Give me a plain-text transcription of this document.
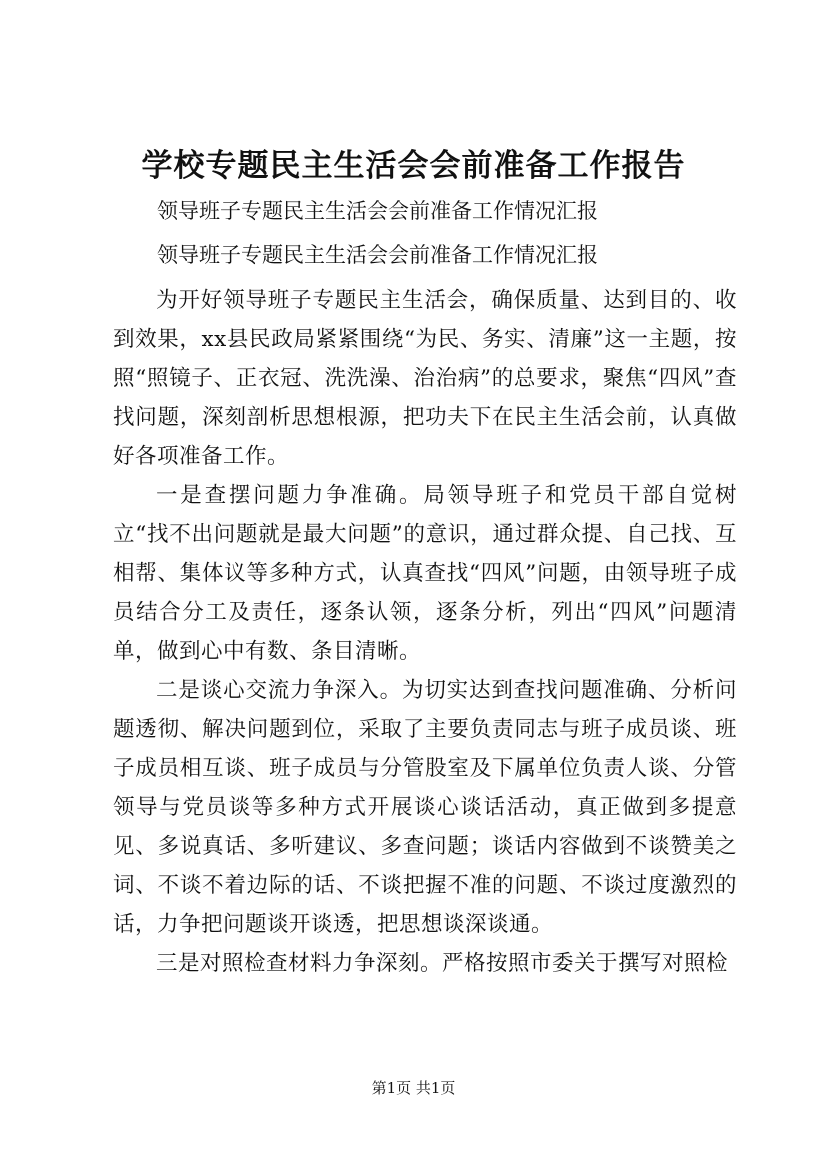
学校专题民主生活会会前准备工作报告
领导班子专题民主生活会会前准备工作情况汇报
领导班子专题民主生活会会前准备工作情况汇报

为开好领导班子专题民主生活会，确保质量、达到目的、收到效果，xx县民政局紧紧围绕“为民、务实、清廉”这一主题，按照“照镜子、正衣冠、洗洗澡、治治病”的总要求，聚焦“四风”查找问题，深刻剖析思想根源，把功夫下在民主生活会前，认真做好各项准备工作。

一是查摆问题力争准确。局领导班子和党员干部自觉树立“找不出问题就是最大问题”的意识，通过群众提、自己找、互相帮、集体议等多种方式，认真查找“四风”问题，由领导班子成员结合分工及责任，逐条认领，逐条分析，列出“四风”问题清单，做到心中有数、条目清晰。

二是谈心交流力争深入。为切实达到查找问题准确、分析问题透彻、解决问题到位，采取了主要负责同志与班子成员谈、班子成员相互谈、班子成员与分管股室及下属单位负责人谈、分管领导与党员谈等多种方式开展谈心谈话活动，真正做到多提意见、多说真话、多听建议、多查问题；谈话内容做到不谈赞美之词、不谈不着边际的话、不谈把握不准的问题、不谈过度激烈的话，力争把问题谈开谈透，把思想谈深谈通。

三是对照检查材料力争深刻。严格按照市委关于撰写对照检

第1页 共1页
